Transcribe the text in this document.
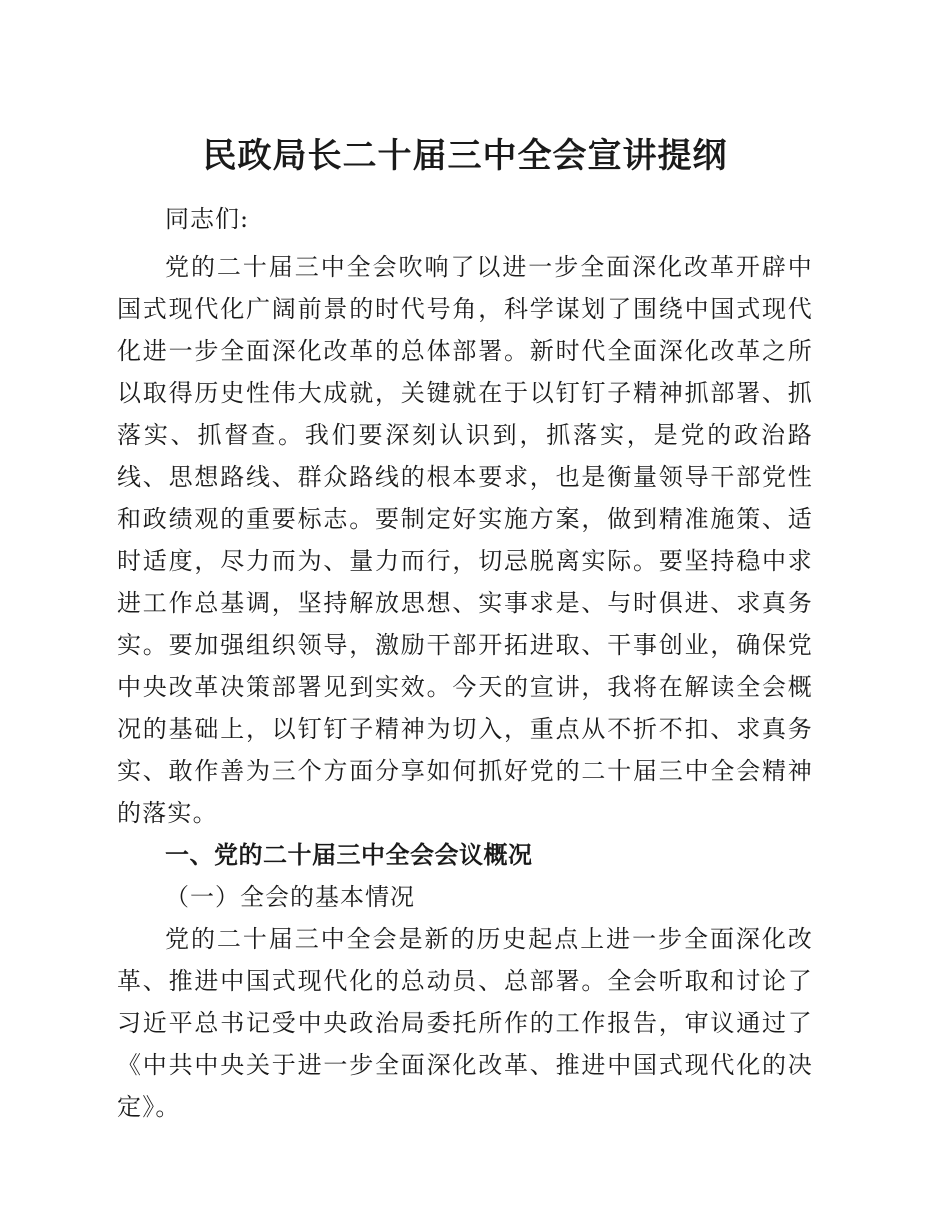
民政局长二十届三中全会宣讲提纲

同志们:

党的二十届三中全会吹响了以进一步全面深化改革开辟中国式现代化广阔前景的时代号角，科学谋划了围绕中国式现代化进一步全面深化改革的总体部署。新时代全面深化改革之所以取得历史性伟大成就，关键就在于以钉钉子精神抓部署、抓落实、抓督查。我们要深刻认识到，抓落实，是党的政治路线、思想路线、群众路线的根本要求，也是衡量领导干部党性和政绩观的重要标志。要制定好实施方案，做到精准施策、适时适度，尽力而为、量力而行，切忌脱离实际。要坚持稳中求进工作总基调，坚持解放思想、实事求是、与时俱进、求真务实。要加强组织领导，激励干部开拓进取、干事创业，确保党中央改革决策部署见到实效。今天的宣讲，我将在解读全会概况的基础上，以钉钉子精神为切入，重点从不折不扣、求真务实、敢作善为三个方面分享如何抓好党的二十届三中全会精神的落实。

一、党的二十届三中全会会议概况

（一）全会的基本情况

党的二十届三中全会是新的历史起点上进一步全面深化改革、推进中国式现代化的总动员、总部署。全会听取和讨论了习近平总书记受中央政治局委托所作的工作报告，审议通过了《中共中央关于进一步全面深化改革、推进中国式现代化的决定》。
